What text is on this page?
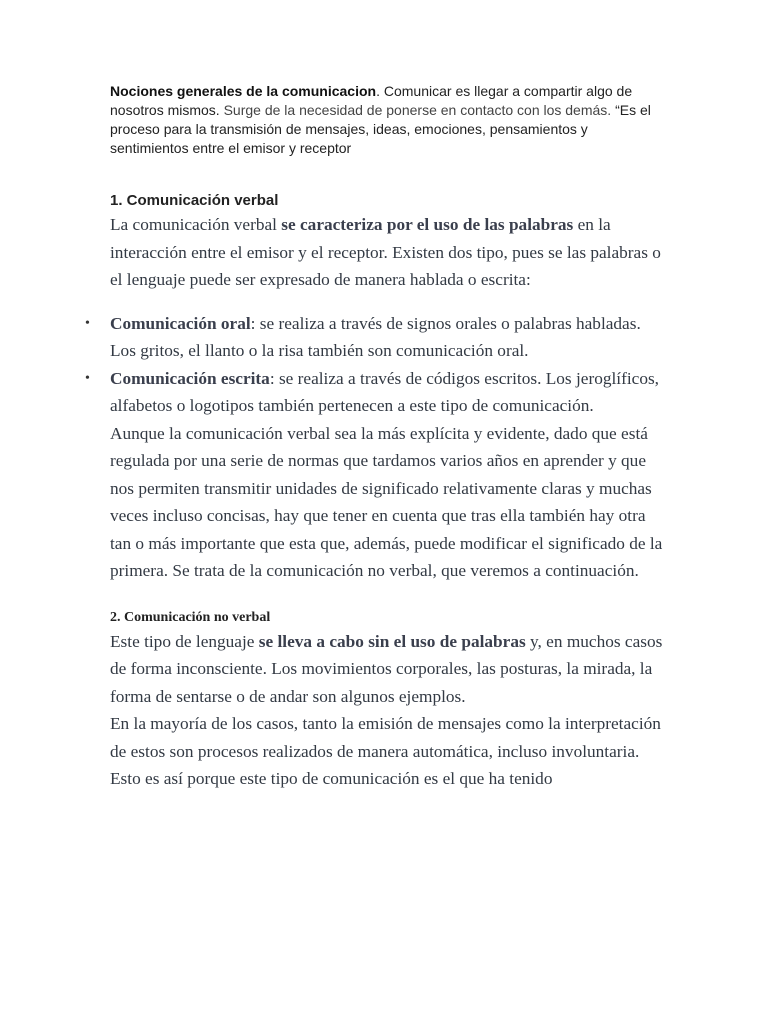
Nociones generales de la comunicacion. Comunicar es llegar a compartir algo de nosotros mismos. Surge de la necesidad de ponerse en contacto con los demás. “Es el proceso para la transmisión de mensajes, ideas, emociones, pensamientos y sentimientos entre el emisor y receptor

1. Comunicación verbal

La comunicación verbal se caracteriza por el uso de las palabras en la interacción entre el emisor y el receptor. Existen dos tipo, pues se las palabras o el lenguaje puede ser expresado de manera hablada o escrita:

• Comunicación oral: se realiza a través de signos orales o palabras habladas. Los gritos, el llanto o la risa también son comunicación oral.
• Comunicación escrita: se realiza a través de códigos escritos. Los jeroglíficos, alfabetos o logotipos también pertenecen a este tipo de comunicación.

Aunque la comunicación verbal sea la más explícita y evidente, dado que está regulada por una serie de normas que tardamos varios años en aprender y que nos permiten transmitir unidades de significado relativamente claras y muchas veces incluso concisas, hay que tener en cuenta que tras ella también hay otra tan o más importante que esta que, además, puede modificar el significado de la primera. Se trata de la comunicación no verbal, que veremos a continuación.

2. Comunicación no verbal

Este tipo de lenguaje se lleva a cabo sin el uso de palabras y, en muchos casos de forma inconsciente. Los movimientos corporales, las posturas, la mirada, la forma de sentarse o de andar son algunos ejemplos.

En la mayoría de los casos, tanto la emisión de mensajes como la interpretación de estos son procesos realizados de manera automática, incluso involuntaria. Esto es así porque este tipo de comunicación es el que ha tenido
